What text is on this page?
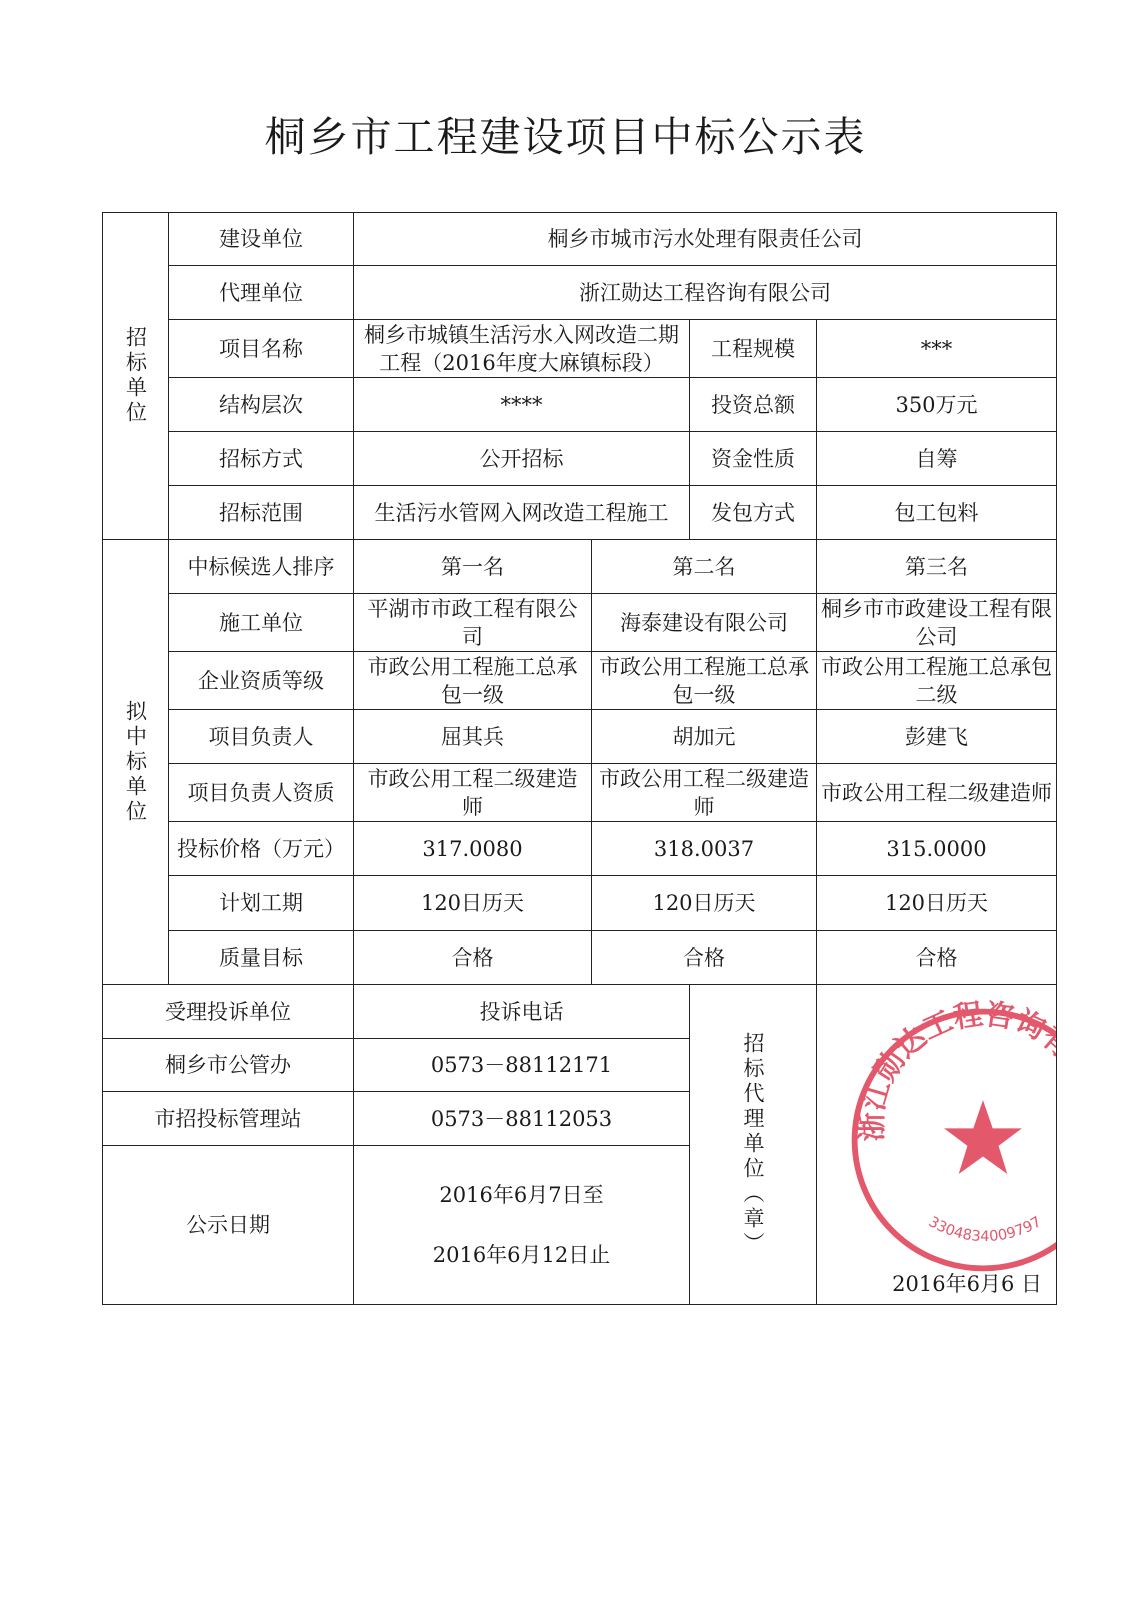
桐乡市工程建设项目中标公示表
招标单位	建设单位	桐乡市城市污水处理有限责任公司			
	代理单位	浙江勋达工程咨询有限公司			
	项目名称	桐乡市城镇生活污水入网改造二期工程（2016年度大麻镇标段）		工程规模	***
	结构层次	****		投资总额	350万元
	招标方式	公开招标		资金性质	自筹
	招标范围	生活污水管网入网改造工程施工		发包方式	包工包料

拟中标单位	中标候选人排序	第一名	第二名		第三名
	施工单位	平湖市市政工程有限公司	海泰建设有限公司		桐乡市市政建设工程有限公司
	企业资质等级	市政公用工程施工总承包一级	市政公用工程施工总承包一级		市政公用工程施工总承包二级
	项目负责人	屈其兵	胡加元		彭建飞
	项目负责人资质	市政公用工程二级建造师	市政公用工程二级建造师		市政公用工程二级建造师
	投标价格（万元）	317.0080	318.0037		315.0000
	计划工期	120日历天	120日历天		120日历天
	质量目标	合格	合格		合格
受理投诉单位		投诉电话		招标代理单位（章）	浙江勋达工程咨询有限公司
3304834009797
2016年6月6 日

桐乡市公管办		0573－88112171			
市招投标管理站		0573－88112053			
公示日期		2016年6月7日至
2016年6月12日止			
